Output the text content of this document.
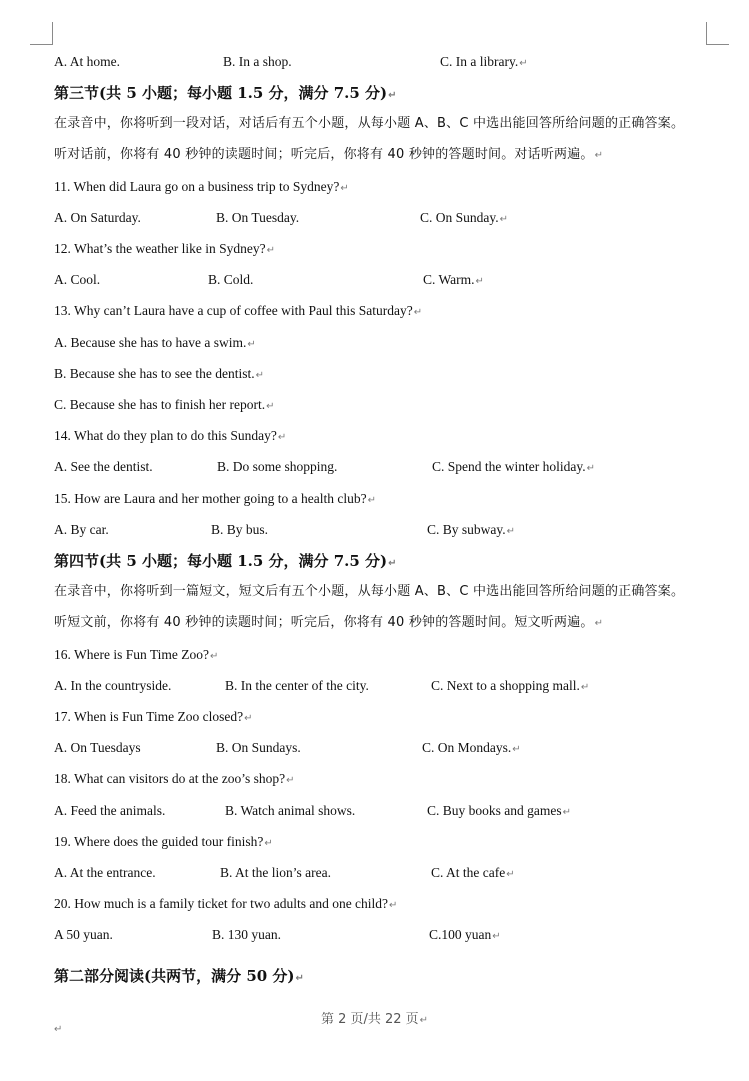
A. At home.	B. In a shop.	C. In a library.↵
第三节(共 5 小题；每小题 1.5 分，满分 7.5 分)↵
在录音中，你将听到一段对话，对话后有五个小题，从每小题 A、B、C 中选出能回答所给问题的正确答案。
听对话前，你将有 40 秒钟的读题时间；听完后，你将有 40 秒钟的答题时间。对话听两遍。↵
11. When did Laura go on a business trip to Sydney?↵
A. On Saturday.	B. On Tuesday.	C. On Sunday.↵
12. What’s the weather like in Sydney?↵
A. Cool.	B. Cold.	C. Warm.↵
13. Why can’t Laura have a cup of coffee with Paul this Saturday?↵
A. Because she has to have a swim.↵
B. Because she has to see the dentist.↵
C. Because she has to finish her report.↵
14. What do they plan to do this Sunday?↵
A. See the dentist.	B. Do some shopping.	C. Spend the winter holiday.↵
15. How are Laura and her mother going to a health club?↵
A. By car.	B. By bus.	C. By subway.↵
第四节(共 5 小题；每小题 1.5 分，满分 7.5 分)↵
在录音中，你将听到一篇短文，短文后有五个小题，从每小题 A、B、C 中选出能回答所给问题的正确答案。
听短文前，你将有 40 秒钟的读题时间；听完后，你将有 40 秒钟的答题时间。短文听两遍。↵
16. Where is Fun Time Zoo?↵
A. In the countryside.	B. In the center of the city.	C. Next to a shopping mall.↵
17. When is Fun Time Zoo closed?↵
A. On Tuesdays	B. On Sundays.	C. On Mondays.↵
18. What can visitors do at the zoo’s shop?↵
A. Feed the animals.	B. Watch animal shows.	C. Buy books and games↵
19. Where does the guided tour finish?↵
A. At the entrance.	B. At the lion’s area.	C. At the cafe↵
20. How much is a family ticket for two adults and one child?↵
A 50 yuan.	B. 130 yuan.	C.100 yuan↵
第二部分阅读(共两节，满分 50 分)↵
第 2 页/共 22 页↵
↵
